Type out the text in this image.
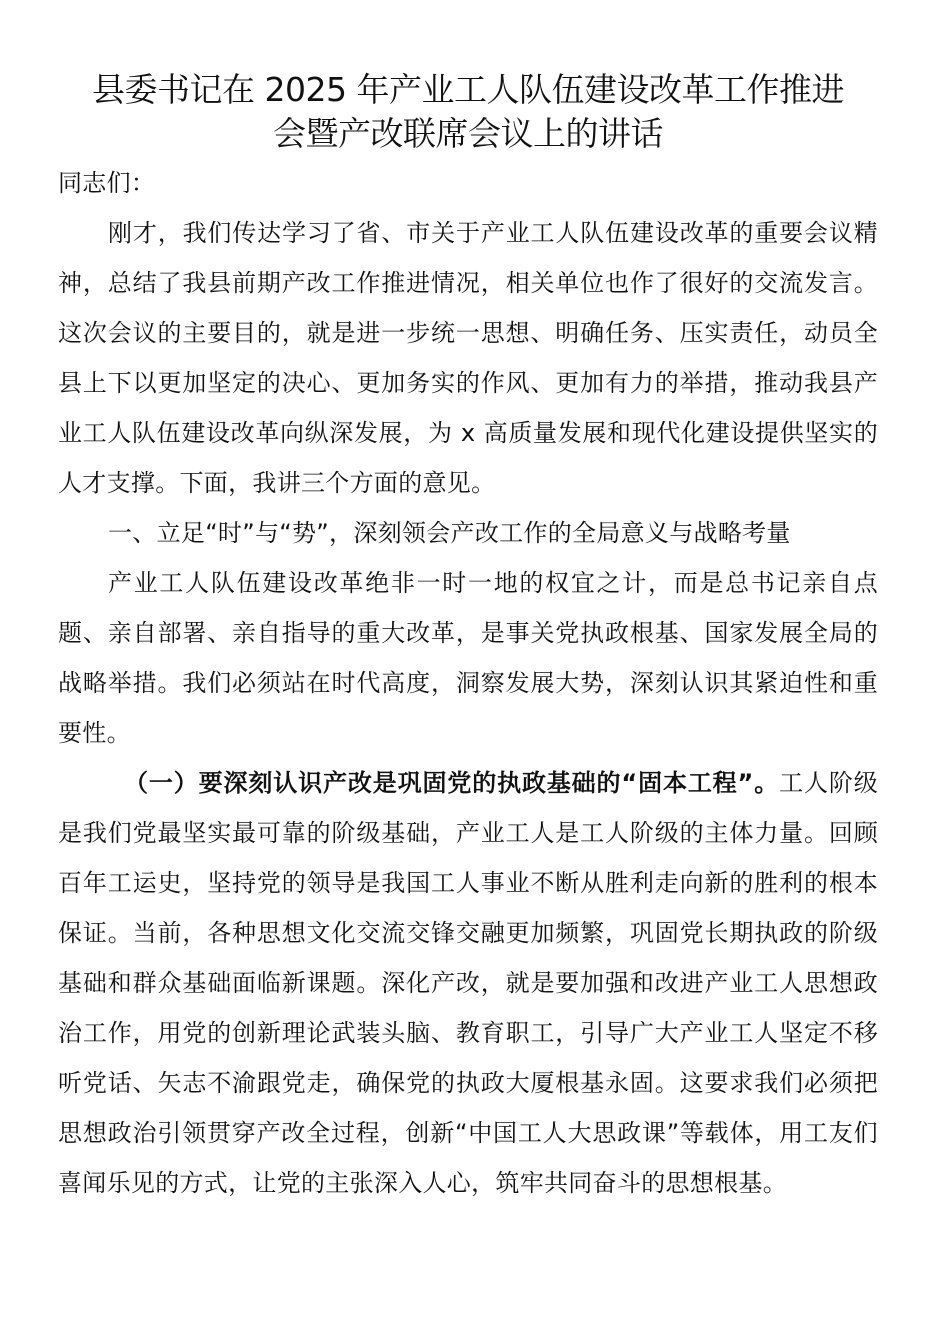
县委书记在 2025 年产业工人队伍建设改革工作推进
会暨产改联席会议上的讲话

同志们：

刚才，我们传达学习了省、市关于产业工人队伍建设改革的重要会议精神，总结了我县前期产改工作推进情况，相关单位也作了很好的交流发言。这次会议的主要目的，就是进一步统一思想、明确任务、压实责任，动员全县上下以更加坚定的决心、更加务实的作风、更加有力的举措，推动我县产业工人队伍建设改革向纵深发展，为 x 高质量发展和现代化建设提供坚实的人才支撑。下面，我讲三个方面的意见。

一、立足“时”与“势”，深刻领会产改工作的全局意义与战略考量

产业工人队伍建设改革绝非一时一地的权宜之计，而是总书记亲自点题、亲自部署、亲自指导的重大改革，是事关党执政根基、国家发展全局的战略举措。我们必须站在时代高度，洞察发展大势，深刻认识其紧迫性和重要性。

（一）要深刻认识产改是巩固党的执政基础的“固本工程”。工人阶级是我们党最坚实最可靠的阶级基础，产业工人是工人阶级的主体力量。回顾百年工运史，坚持党的领导是我国工人事业不断从胜利走向新的胜利的根本保证。当前，各种思想文化交流交锋交融更加频繁，巩固党长期执政的阶级基础和群众基础面临新课题。深化产改，就是要加强和改进产业工人思想政治工作，用党的创新理论武装头脑、教育职工，引导广大产业工人坚定不移听党话、矢志不渝跟党走，确保党的执政大厦根基永固。这要求我们必须把思想政治引领贯穿产改全过程，创新“中国工人大思政课”等载体，用工友们喜闻乐见的方式，让党的主张深入人心，筑牢共同奋斗的思想根基。
